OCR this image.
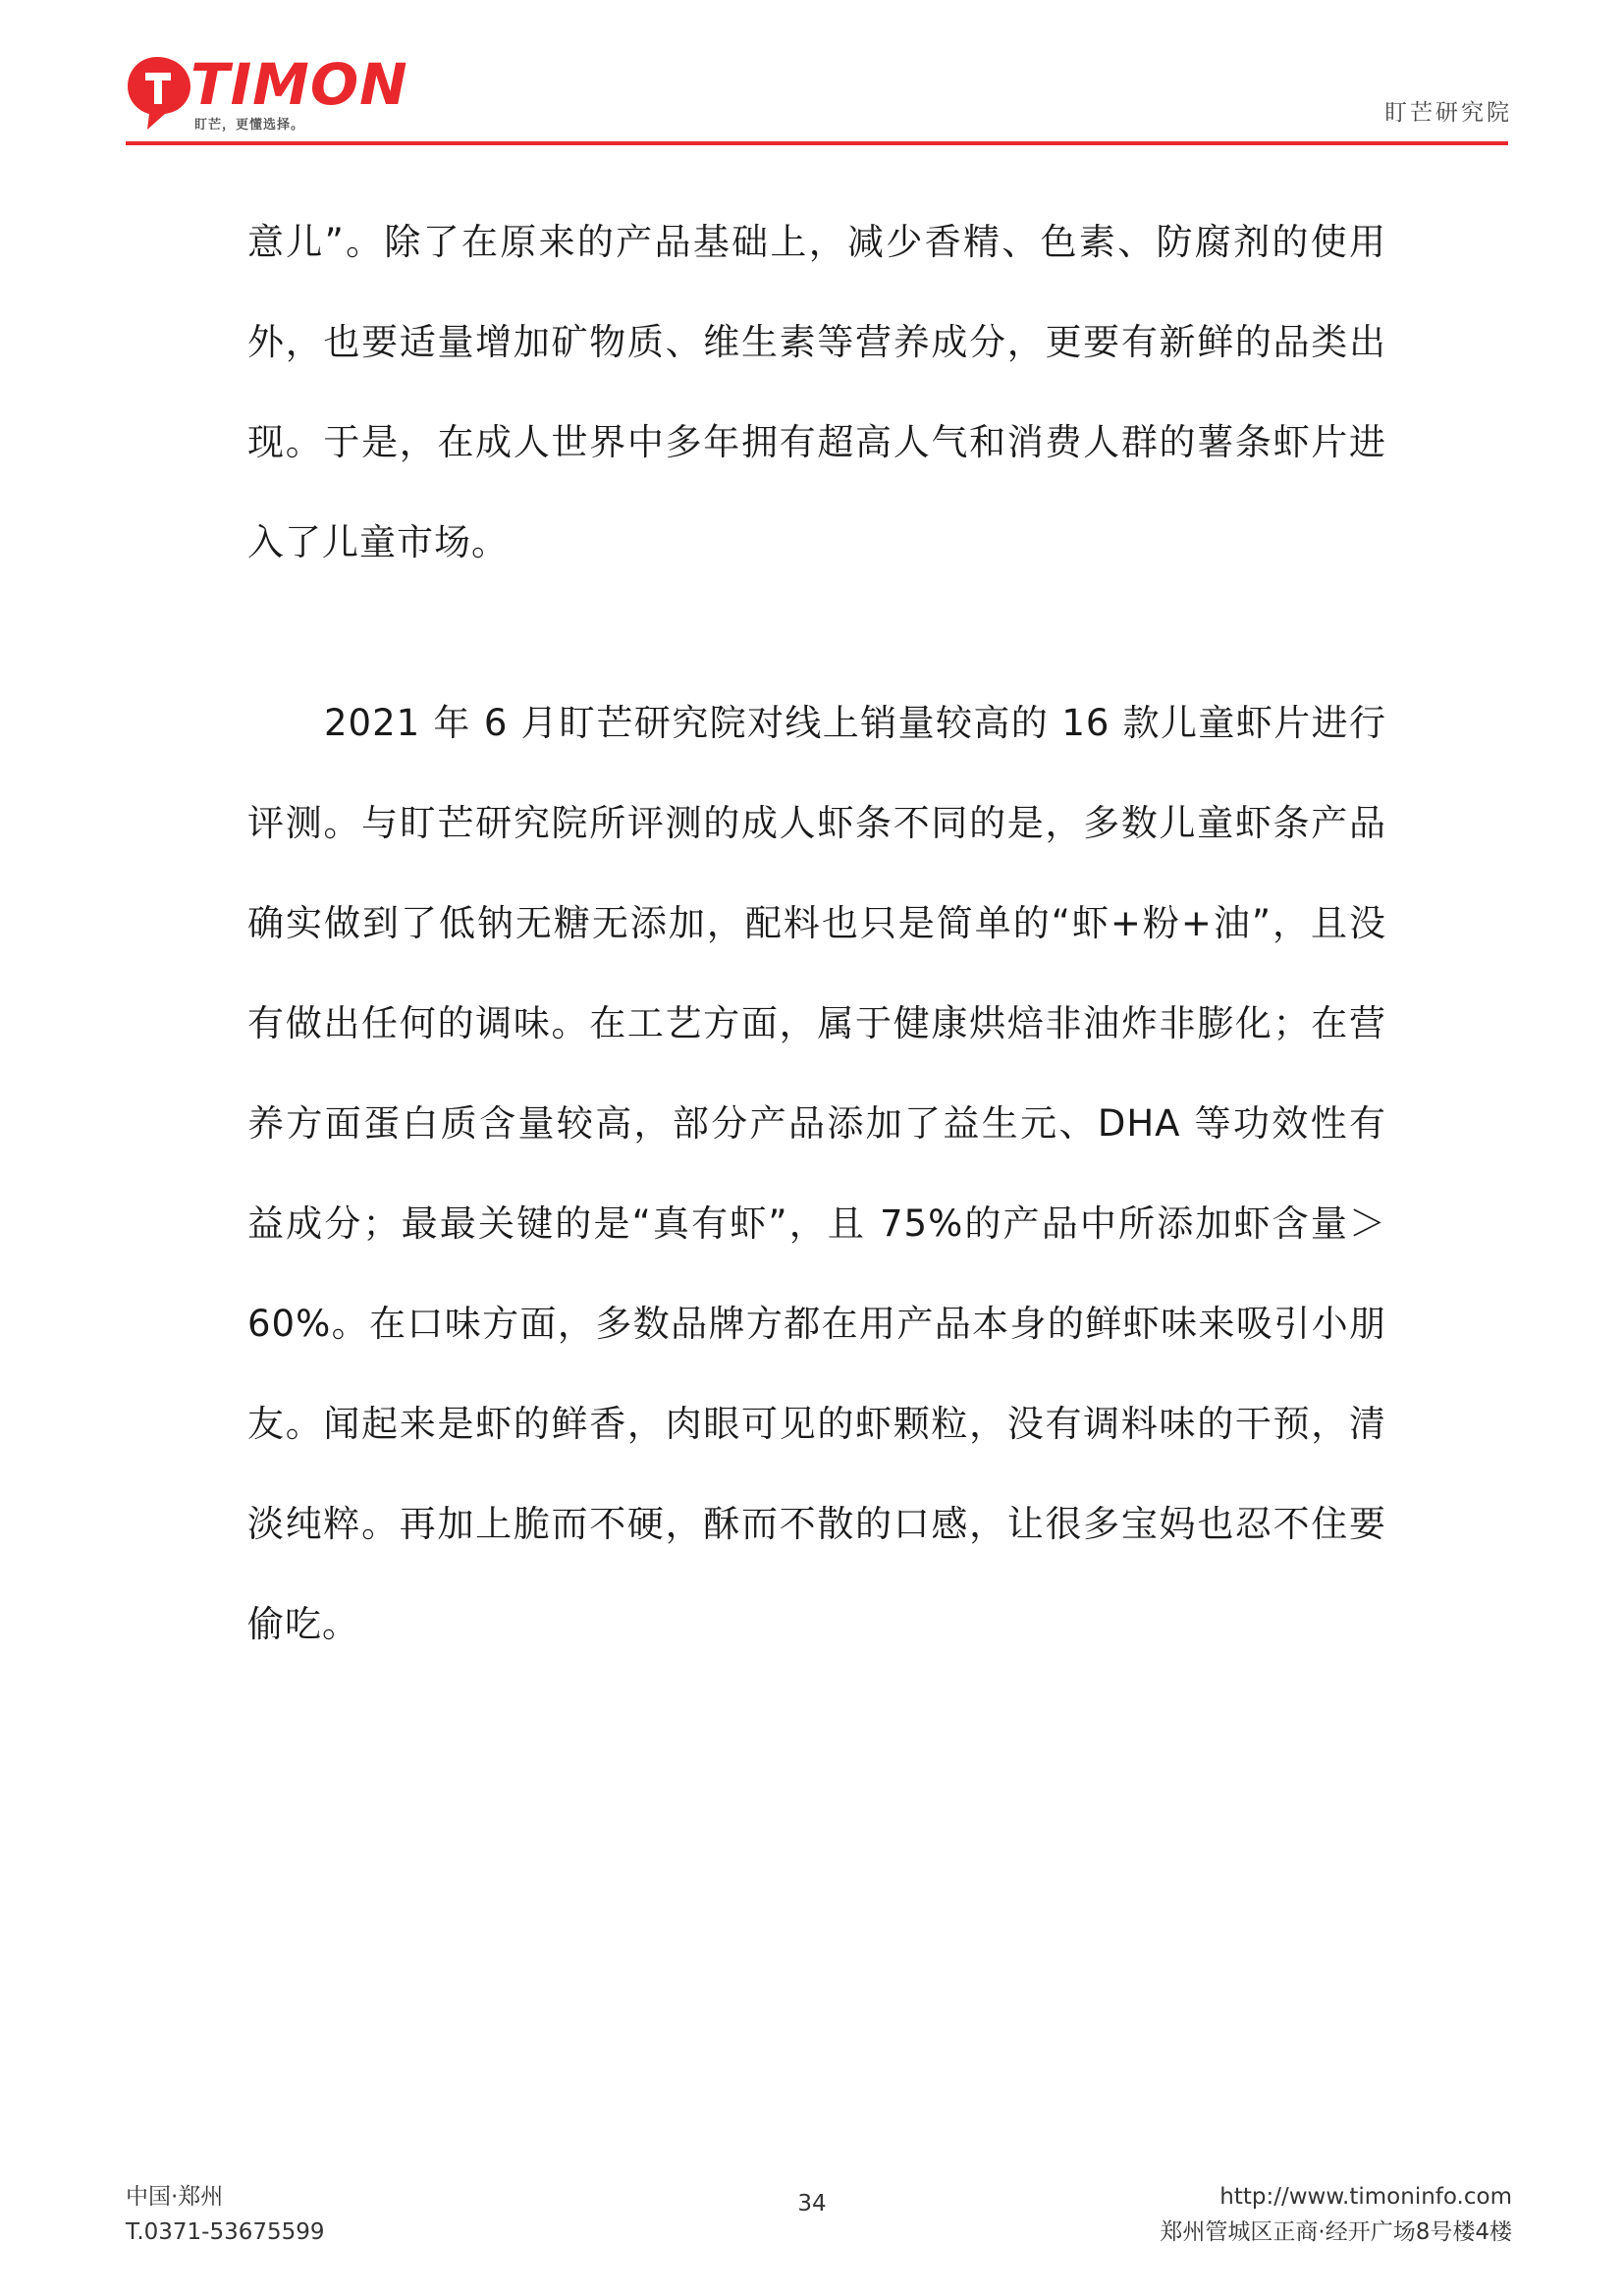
TIMON
盯芒，更懂选择。	盯芒研究院

意儿”。除了在原来的产品基础上，减少香精、色素、防腐剂的使用外，也要适量增加矿物质、维生素等营养成分，更要有新鲜的品类出现。于是，在成人世界中多年拥有超高人气和消费人群的薯条虾片进入了儿童市场。

2021 年 6 月盯芒研究院对线上销量较高的 16 款儿童虾片进行评测。与盯芒研究院所评测的成人虾条不同的是，多数儿童虾条产品确实做到了低钠无糖无添加，配料也只是简单的“虾+粉+油”，且没有做出任何的调味。在工艺方面，属于健康烘焙非油炸非膨化；在营养方面蛋白质含量较高，部分产品添加了益生元、DHA 等功效性有益成分；最最关键的是“真有虾”，且 75%的产品中所添加虾含量＞60%。在口味方面，多数品牌方都在用产品本身的鲜虾味来吸引小朋友。闻起来是虾的鲜香，肉眼可见的虾颗粒，没有调料味的干预，清淡纯粹。再加上脆而不硬，酥而不散的口感，让很多宝妈也忍不住要偷吃。

中国·郑州
T.0371-53675599
34	http://www.timoninfo.com
郑州管城区正商·经开广场8号楼4楼
